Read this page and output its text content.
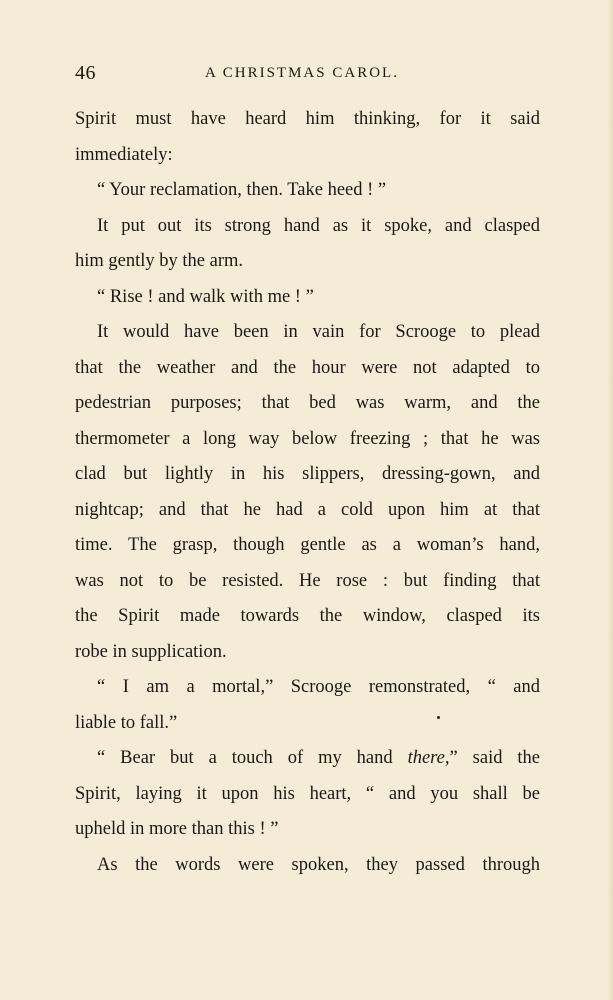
46	A CHRISTMAS CAROL.
Spirit must have heard him thinking, for it said
immediately:
“ Your reclamation, then. Take heed ! ”
It put out its strong hand as it spoke, and clasped
him gently by the arm.
“ Rise ! and walk with me ! ”
It would have been in vain for Scrooge to plead
that the weather and the hour were not adapted to
pedestrian purposes; that bed was warm, and the
thermometer a long way below freezing ; that he was
clad but lightly in his slippers, dressing-gown, and
nightcap; and that he had a cold upon him at that
time. The grasp, though gentle as a woman’s hand,
was not to be resisted. He rose : but finding that
the Spirit made towards the window, clasped its
robe in supplication.
“ I am a mortal,” Scrooge remonstrated, “ and
liable to fall.”
“ Bear but a touch of my hand there,” said the
Spirit, laying it upon his heart, “ and you shall be
upheld in more than this ! ”
As the words were spoken, they passed through
